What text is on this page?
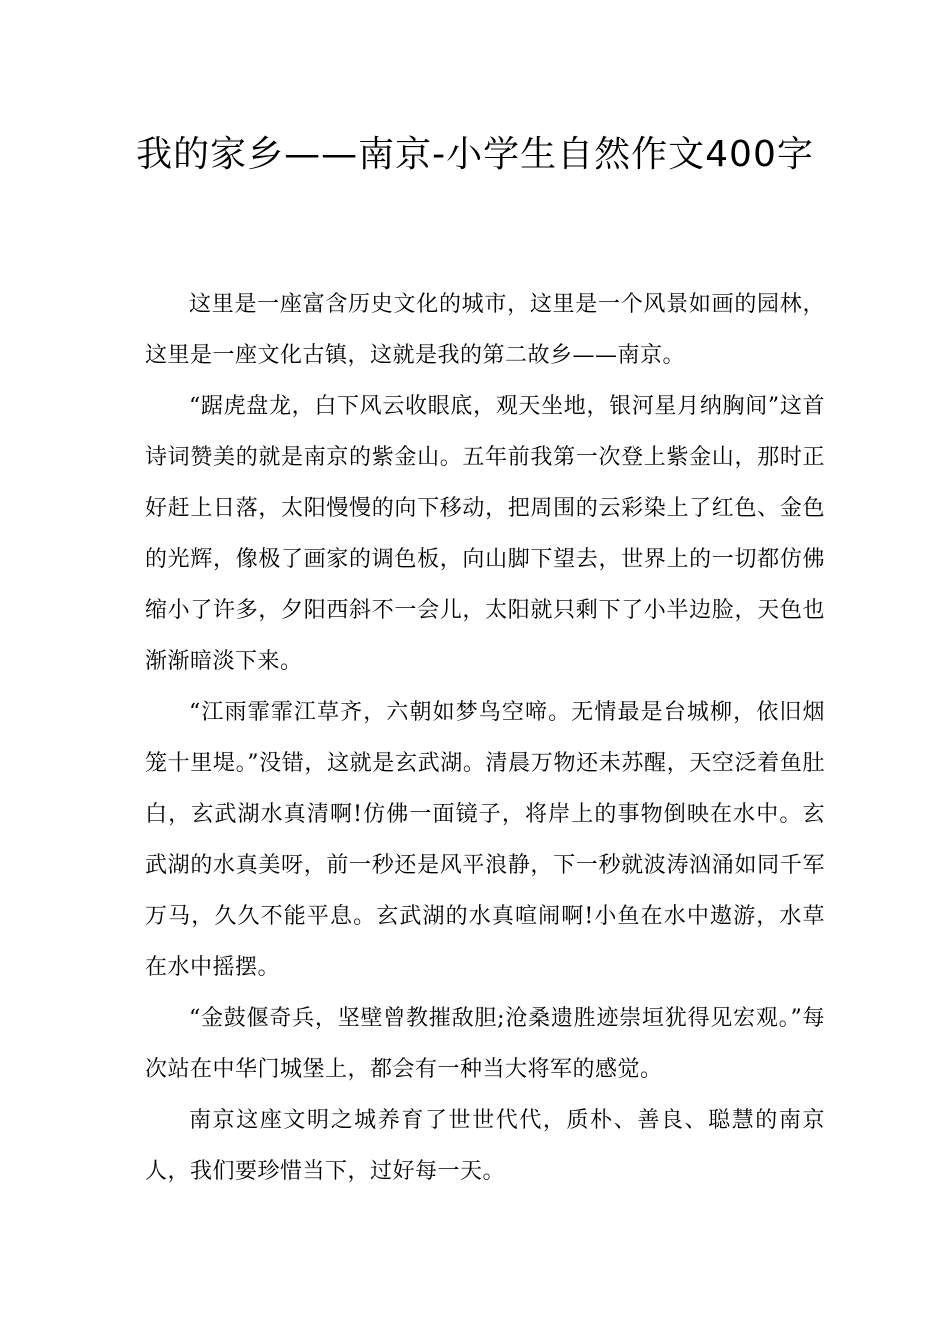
我的家乡——南京-小学生自然作文400字

这里是一座富含历史文化的城市，这里是一个风景如画的园林，这里是一座文化古镇，这就是我的第二故乡——南京。

“踞虎盘龙，白下风云收眼底，观天坐地，银河星月纳胸间”这首诗词赞美的就是南京的紫金山。五年前我第一次登上紫金山，那时正好赶上日落，太阳慢慢的向下移动，把周围的云彩染上了红色、金色的光辉，像极了画家的调色板，向山脚下望去，世界上的一切都仿佛缩小了许多，夕阳西斜不一会儿，太阳就只剩下了小半边脸，天色也渐渐暗淡下来。

“江雨霏霏江草齐，六朝如梦鸟空啼。无情最是台城柳，依旧烟笼十里堤。”没错，这就是玄武湖。清晨万物还未苏醒，天空泛着鱼肚白，玄武湖水真清啊!仿佛一面镜子，将岸上的事物倒映在水中。玄武湖的水真美呀，前一秒还是风平浪静，下一秒就波涛汹涌如同千军万马，久久不能平息。玄武湖的水真喧闹啊!小鱼在水中遨游，水草在水中摇摆。

“金鼓偃奇兵，坚壁曾教摧敌胆;沧桑遗胜迹崇垣犹得见宏观。”每次站在中华门城堡上，都会有一种当大将军的感觉。

南京这座文明之城养育了世世代代，质朴、善良、聪慧的南京人，我们要珍惜当下，过好每一天。
